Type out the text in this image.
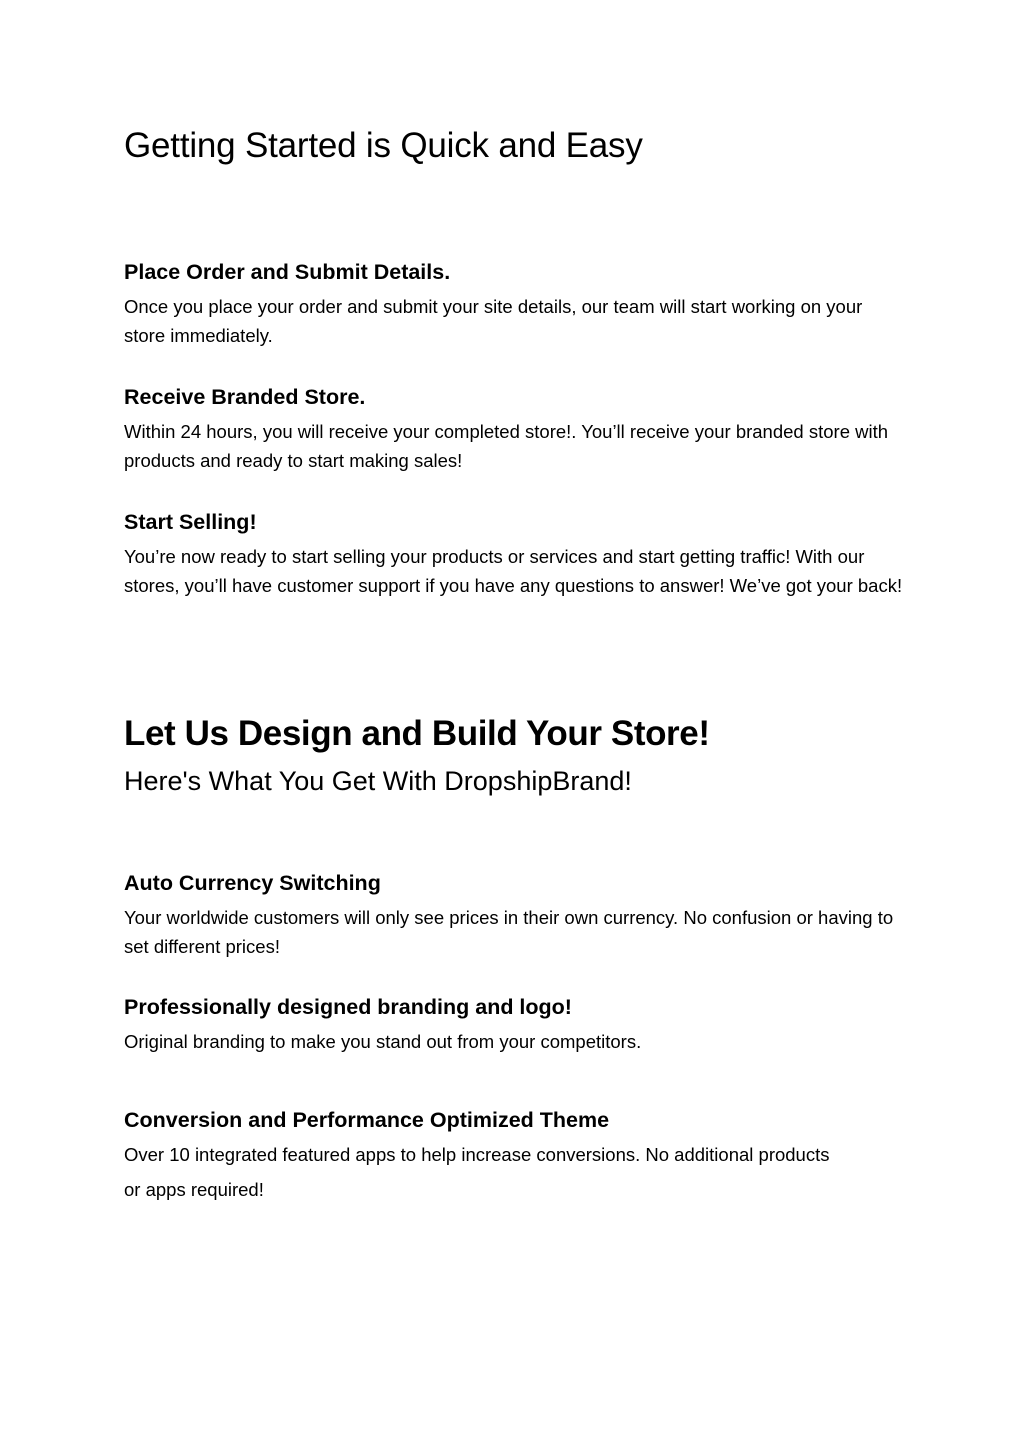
Getting Started is Quick and Easy
Place Order and Submit Details.

Once you place your order and submit your site details, our team will start working on your store immediately.

Receive Branded Store.

Within 24 hours, you will receive your completed store!. You’ll receive your branded store with products and ready to start making sales!

Start Selling!

You’re now ready to start selling your products or services and start getting traffic! With our stores, you’ll have customer support if you have any questions to answer! We’ve got your back!

Let Us Design and Build Your Store!
Here's What You Get With DropshipBrand!
Auto Currency Switching

Your worldwide customers will only see prices in their own currency. No confusion or having to set different prices!

Professionally designed branding and logo!

Original branding to make you stand out from your competitors.

Conversion and Performance Optimized Theme

Over 10 integrated featured apps to help increase conversions. No additional products or apps required!
